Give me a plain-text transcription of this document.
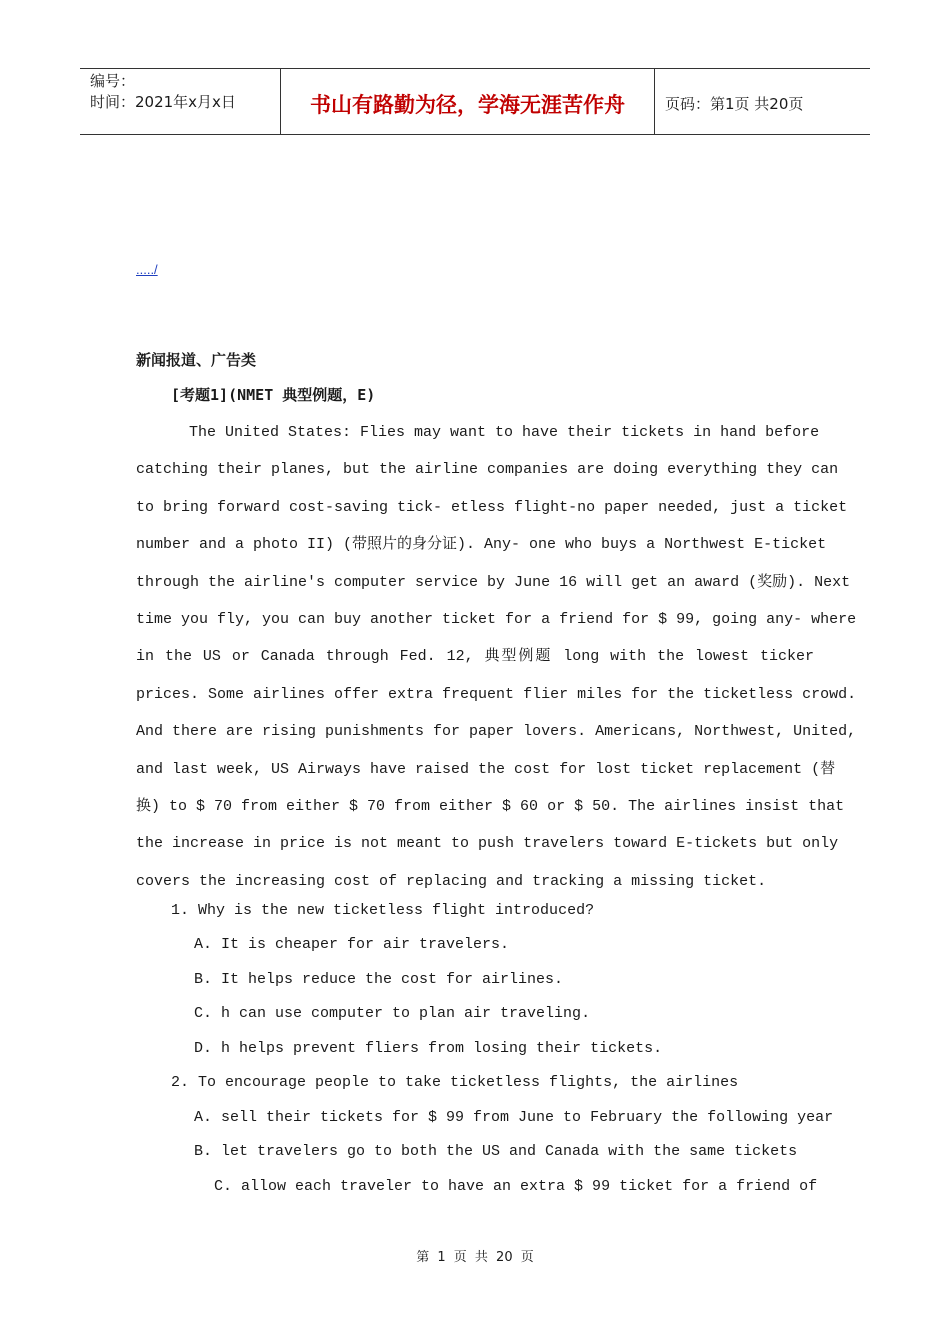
编号：
时间：2021年x月x日	书山有路勤为径，学海无涯苦作舟	页码：第1页 共20页
...../
新闻报道、广告类
[考题1](NMET 典型例题，E)
The United States: Flies may want to have their tickets in hand before
catching their planes, but the airline companies are doing everything they can
to bring forward cost-saving tick- etless flight-no paper needed, just a ticket
number and a photo II) (带照片的身分证). Any- one who buys a Northwest E-ticket
through the airline's computer service by June 16 will get an award (奖励). Next
time you fly, you can buy another ticket for a friend for $ 99, going any- where
in the US or Canada through Fed. 12, 典型例题 long with the lowest ticker
prices. Some airlines offer extra frequent flier miles for the ticketless crowd.
And there are rising punishments for paper lovers. Americans, Northwest, United,
and last week, US Airways have raised the cost for lost ticket replacement (替
换) to $ 70 from either $ 70 from either $ 60 or $ 50. The airlines insist that
the increase in price is not meant to push travelers toward E-tickets but only
covers the increasing cost of replacing and tracking a missing ticket.
1. Why is the new ticketless flight introduced?
A. It is cheaper for air travelers.
B. It helps reduce the cost for airlines.
C. h can use computer to plan air traveling.
D. h helps prevent fliers from losing their tickets.
2. To encourage people to take ticketless flights, the airlines
A. sell their tickets for $ 99 from June to February the following year
B. let travelers go to both the US and Canada with the same tickets
C. allow each traveler to have an extra $ 99 ticket for a friend of
第 1 页 共 20 页
